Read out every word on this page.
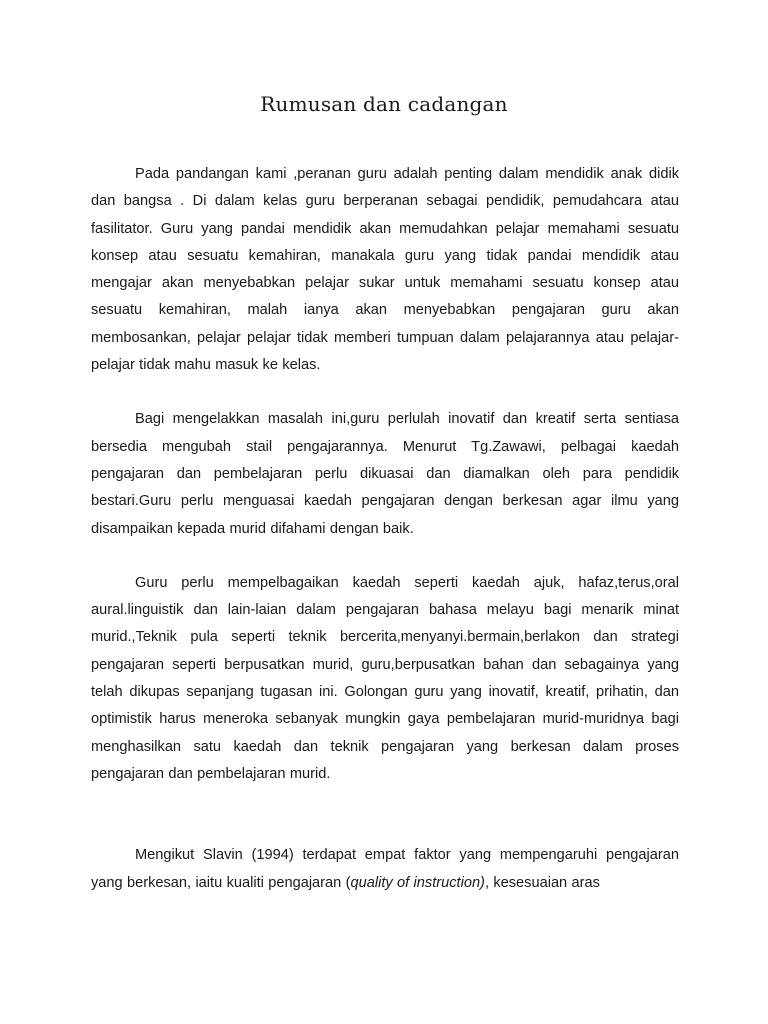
Rumusan dan cadangan

Pada pandangan kami ,peranan guru adalah penting dalam mendidik anak didik dan bangsa . Di dalam kelas guru berperanan sebagai pendidik, pemudahcara atau fasilitator. Guru yang pandai mendidik akan memudahkan pelajar memahami sesuatu konsep atau sesuatu kemahiran, manakala guru yang tidak pandai mendidik atau mengajar akan menyebabkan pelajar sukar untuk memahami sesuatu konsep atau sesuatu kemahiran, malah ianya akan menyebabkan pengajaran guru akan membosankan, pelajar pelajar tidak memberi tumpuan dalam pelajarannya atau pelajar-pelajar tidak mahu masuk ke kelas.

Bagi mengelakkan masalah ini,guru perlulah inovatif dan kreatif serta sentiasa bersedia mengubah stail pengajarannya. Menurut Tg.Zawawi, pelbagai kaedah pengajaran dan pembelajaran perlu dikuasai dan diamalkan oleh para pendidik bestari.Guru perlu menguasai kaedah pengajaran dengan berkesan agar ilmu yang disampaikan kepada murid difahami dengan baik.

Guru perlu mempelbagaikan kaedah seperti kaedah ajuk, hafaz,terus,oral aural.linguistik dan lain-laian dalam pengajaran bahasa melayu bagi menarik minat murid.,Teknik pula seperti teknik bercerita,menyanyi.bermain,berlakon dan strategi pengajaran seperti berpusatkan murid, guru,berpusatkan bahan dan sebagainya yang telah dikupas sepanjang tugasan ini. Golongan guru yang inovatif, kreatif, prihatin, dan optimistik harus meneroka sebanyak mungkin gaya pembelajaran murid-muridnya bagi menghasilkan satu kaedah dan teknik pengajaran yang berkesan dalam proses pengajaran dan pembelajaran murid.

Mengikut Slavin (1994) terdapat empat faktor yang mempengaruhi pengajaran yang berkesan, iaitu kualiti pengajaran (quality of instruction), kesesuaian aras
